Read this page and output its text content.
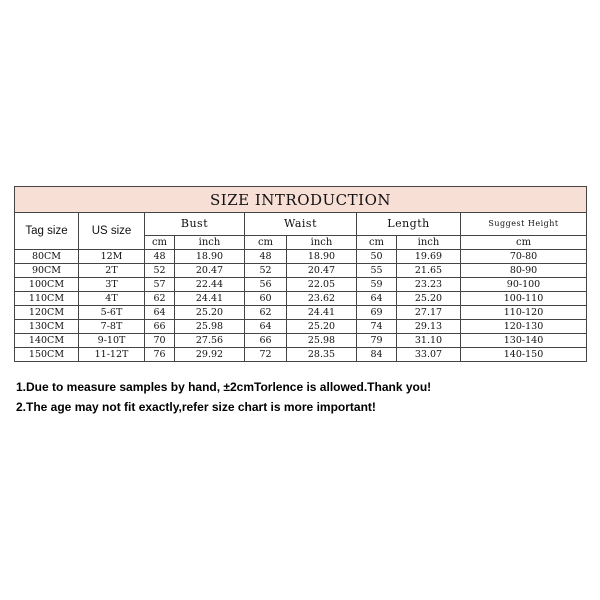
SIZE INTRODUCTION								
Tag size	US size	Bust		Waist		Length		Suggest Height
		cm	inch	cm	inch	cm	inch	cm
80CM	12M	48	18.90	48	18.90	50	19.69	70-80
90CM	2T	52	20.47	52	20.47	55	21.65	80-90
100CM	3T	57	22.44	56	22.05	59	23.23	90-100
110CM	4T	62	24.41	60	23.62	64	25.20	100-110
120CM	5-6T	64	25.20	62	24.41	69	27.17	110-120
130CM	7-8T	66	25.98	64	25.20	74	29.13	120-130
140CM	9-10T	70	27.56	66	25.98	79	31.10	130-140
150CM	11-12T	76	29.92	72	28.35	84	33.07	140-150

1.Due to measure samples by hand, ±2cmTorlence is allowed.Thank you!

2.The age may not fit exactly,refer size chart is more important!
